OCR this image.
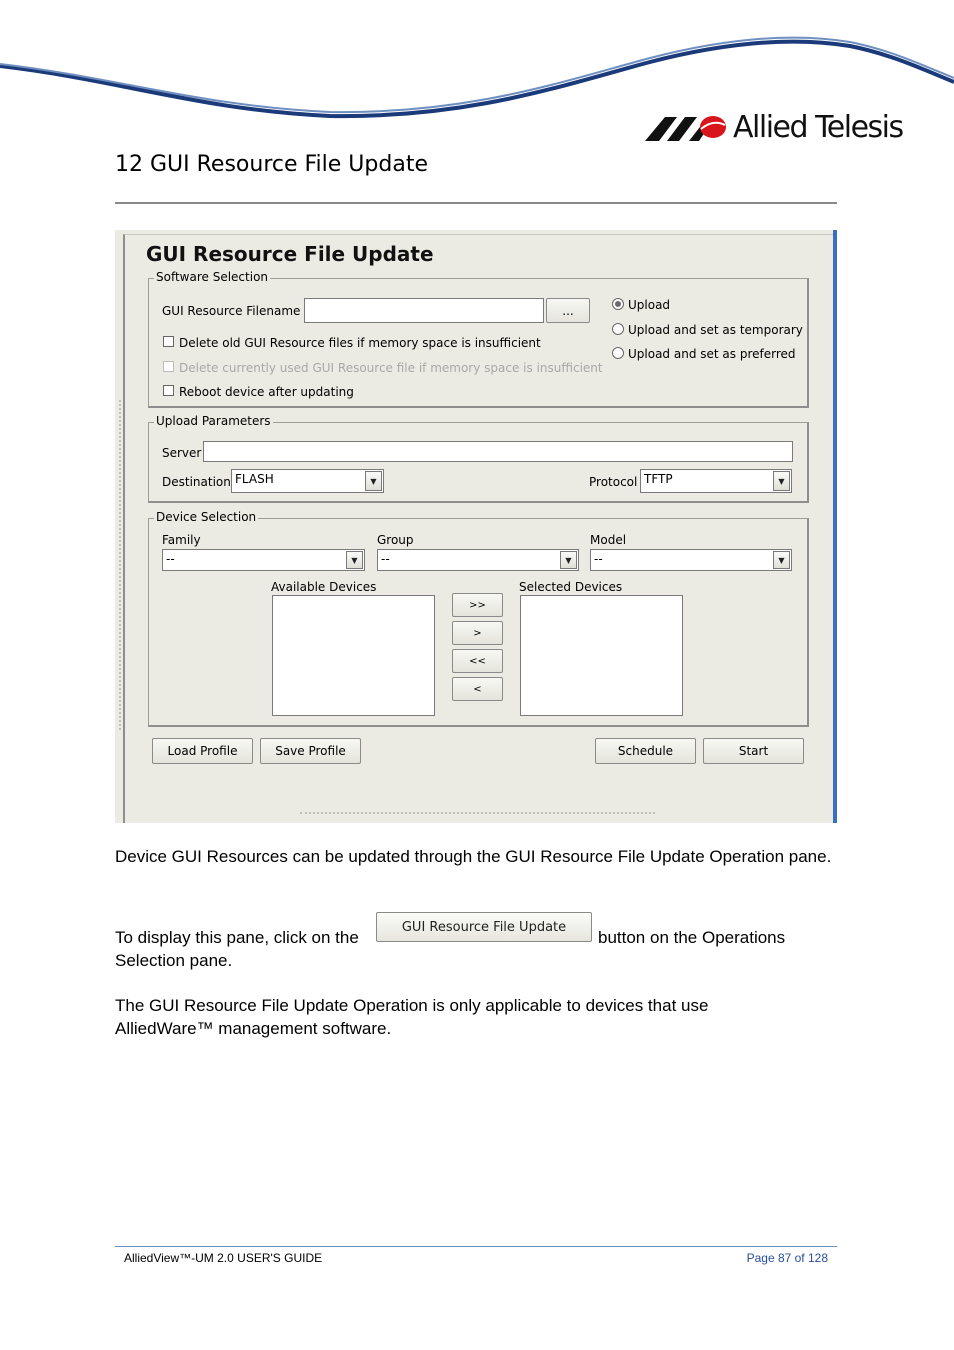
Allied Telesis
12 GUI Resource File Update
GUI Resource File Update
Software Selection
GUI Resource Filename	...
Delete old GUI Resource files if memory space is insufficient
Delete currently used GUI Resource file if memory space is insufficient
Reboot device after updating
Upload
Upload and set as temporary
Upload and set as preferred
Upload Parameters
Server
Destination FLASH	▼	Protocol TFTP	▼
Device Selection
Family
--	▼
Group
--	▼
Model
--	▼
Available Devices	Selected Devices
>>
>
<<
<
Load Profile	Save Profile	Schedule	Start
Device GUI Resources can be updated through the GUI Resource File Update Operation pane.
To display this pane, click on the
GUI Resource File Update
button on the Operations
Selection pane.
The GUI Resource File Update Operation is only applicable to devices that use AlliedWare™ management software.
AlliedView™-UM 2.0 USER'S GUIDE	Page 87 of 128
